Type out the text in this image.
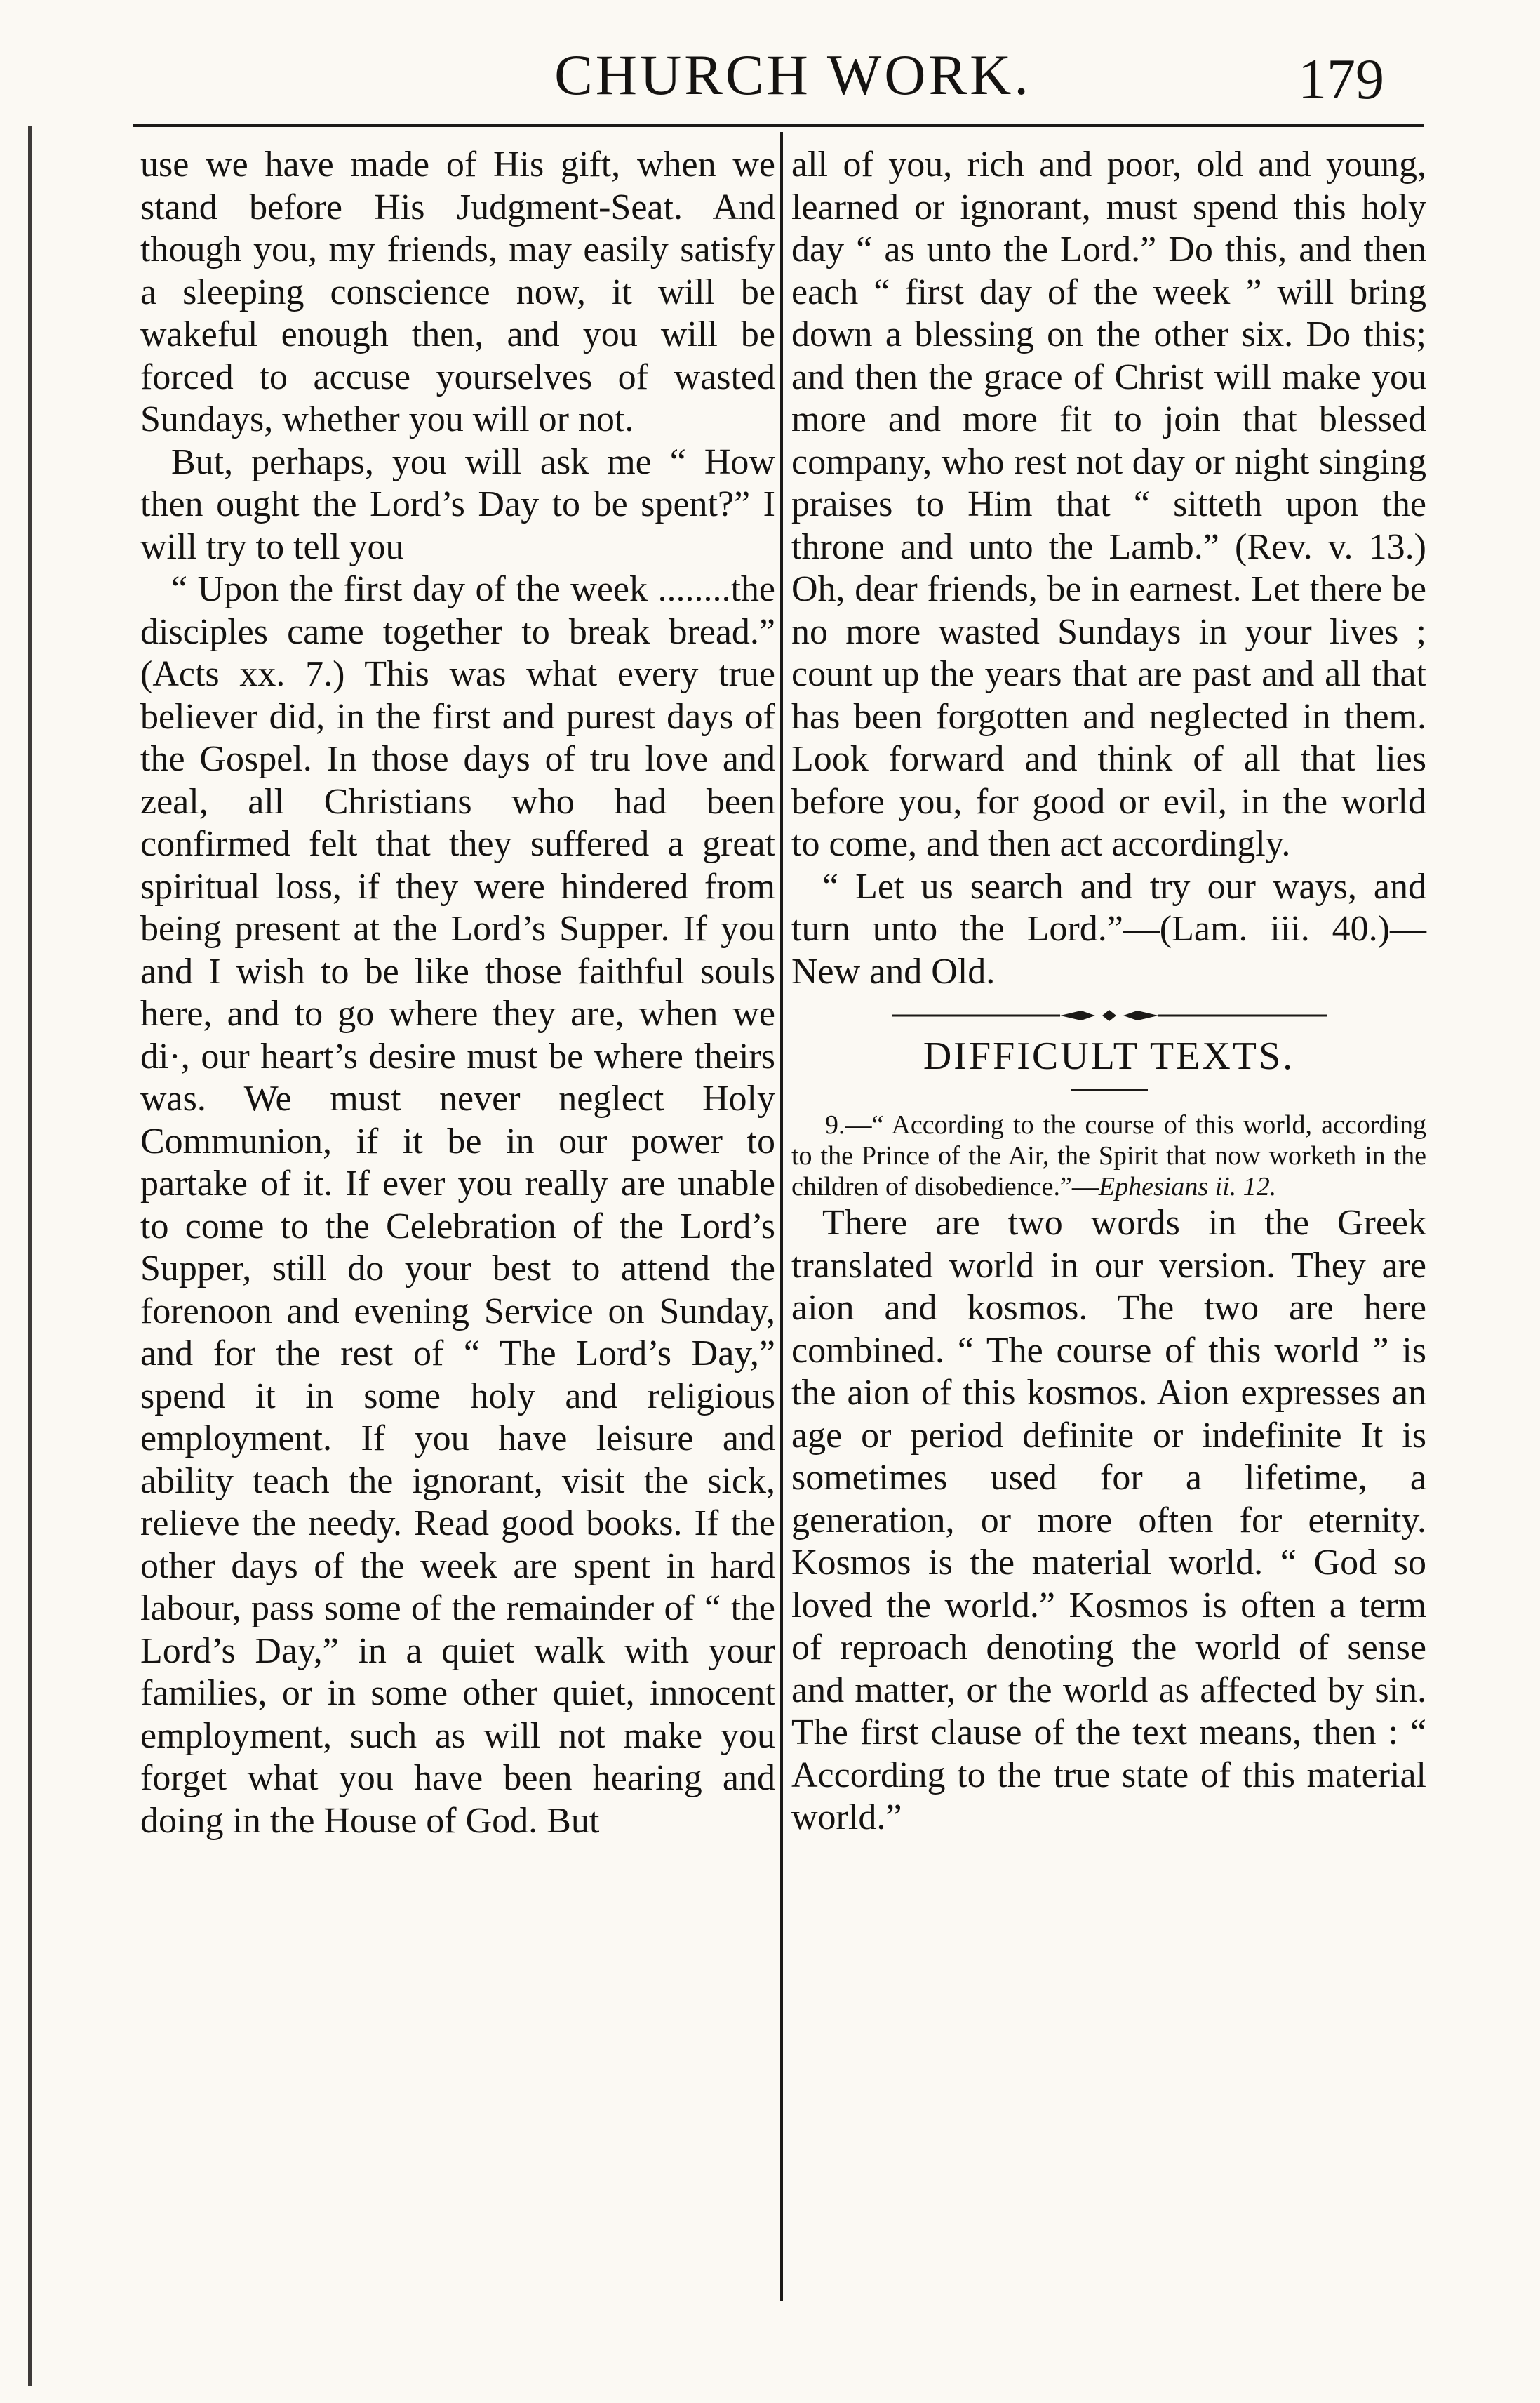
CHURCH WORK.	179

use we have made of His gift, when we stand before His Judgment-Seat. And though you, my friends, may easily satisfy a sleeping conscience now, it will be wakeful enough then, and you will be forced to accuse yourselves of wasted Sundays, whether you will or not.

But, perhaps, you will ask me “ How then ought the Lord’s Day to be spent?” I will try to tell you

“ Upon the first day of the week ........the disciples came together to break bread.” (Acts xx. 7.) This was what every true believer did, in the first and purest days of the Gospel. In those days of tru love and zeal, all Christians who had been confirmed felt that they suffered a great spiritual loss, if they were hindered from being present at the Lord’s Supper. If you and I wish to be like those faithful souls here, and to go where they are, when we di·, our heart’s desire must be where theirs was. We must never neglect Holy Communion, if it be in our power to partake of it. If ever you really are unable to come to the Celebration of the Lord’s Supper, still do your best to attend the forenoon and evening Service on Sunday, and for the rest of “ The Lord’s Day,” spend it in some holy and religious employment. If you have leisure and ability teach the ignorant, visit the sick, relieve the needy. Read good books. If the other days of the week are spent in hard labour, pass some of the remainder of “ the Lord’s Day,” in a quiet walk with your families, or in some other quiet, innocent employment, such as will not make you forget what you have been hearing and doing in the House of God. But

all of you, rich and poor, old and young, learned or ignorant, must spend this holy day “ as unto the Lord.” Do this, and then each “ first day of the week ” will bring down a blessing on the other six. Do this; and then the grace of Christ will make you more and more fit to join that blessed company, who rest not day or night singing praises to Him that “ sitteth upon the throne and unto the Lamb.” (Rev. v. 13.) Oh, dear friends, be in earnest. Let there be no more wasted Sundays in your lives ; count up the years that are past and all that has been forgotten and neglected in them. Look forward and think of all that lies before you, for good or evil, in the world to come, and then act accordingly.

“ Let us search and try our ways, and turn unto the Lord.”—(Lam. iii. 40.)—New and Old.

DIFFICULT TEXTS.

9.—“ According to the course of this world, according to the Prince of the Air, the Spirit that now worketh in the children of disobedience.”—Ephesians ii. 12.

There are two words in the Greek translated world in our version. They are aion and kosmos. The two are here combined. “ The course of this world ” is the aion of this kosmos. Aion expresses an age or period definite or indefinite It is sometimes used for a lifetime, a generation, or more often for eternity. Kosmos is the material world. “ God so loved the world.” Kosmos is often a term of reproach denoting the world of sense and matter, or the world as affected by sin. The first clause of the text means, then : “ According to the true state of this material world.”
